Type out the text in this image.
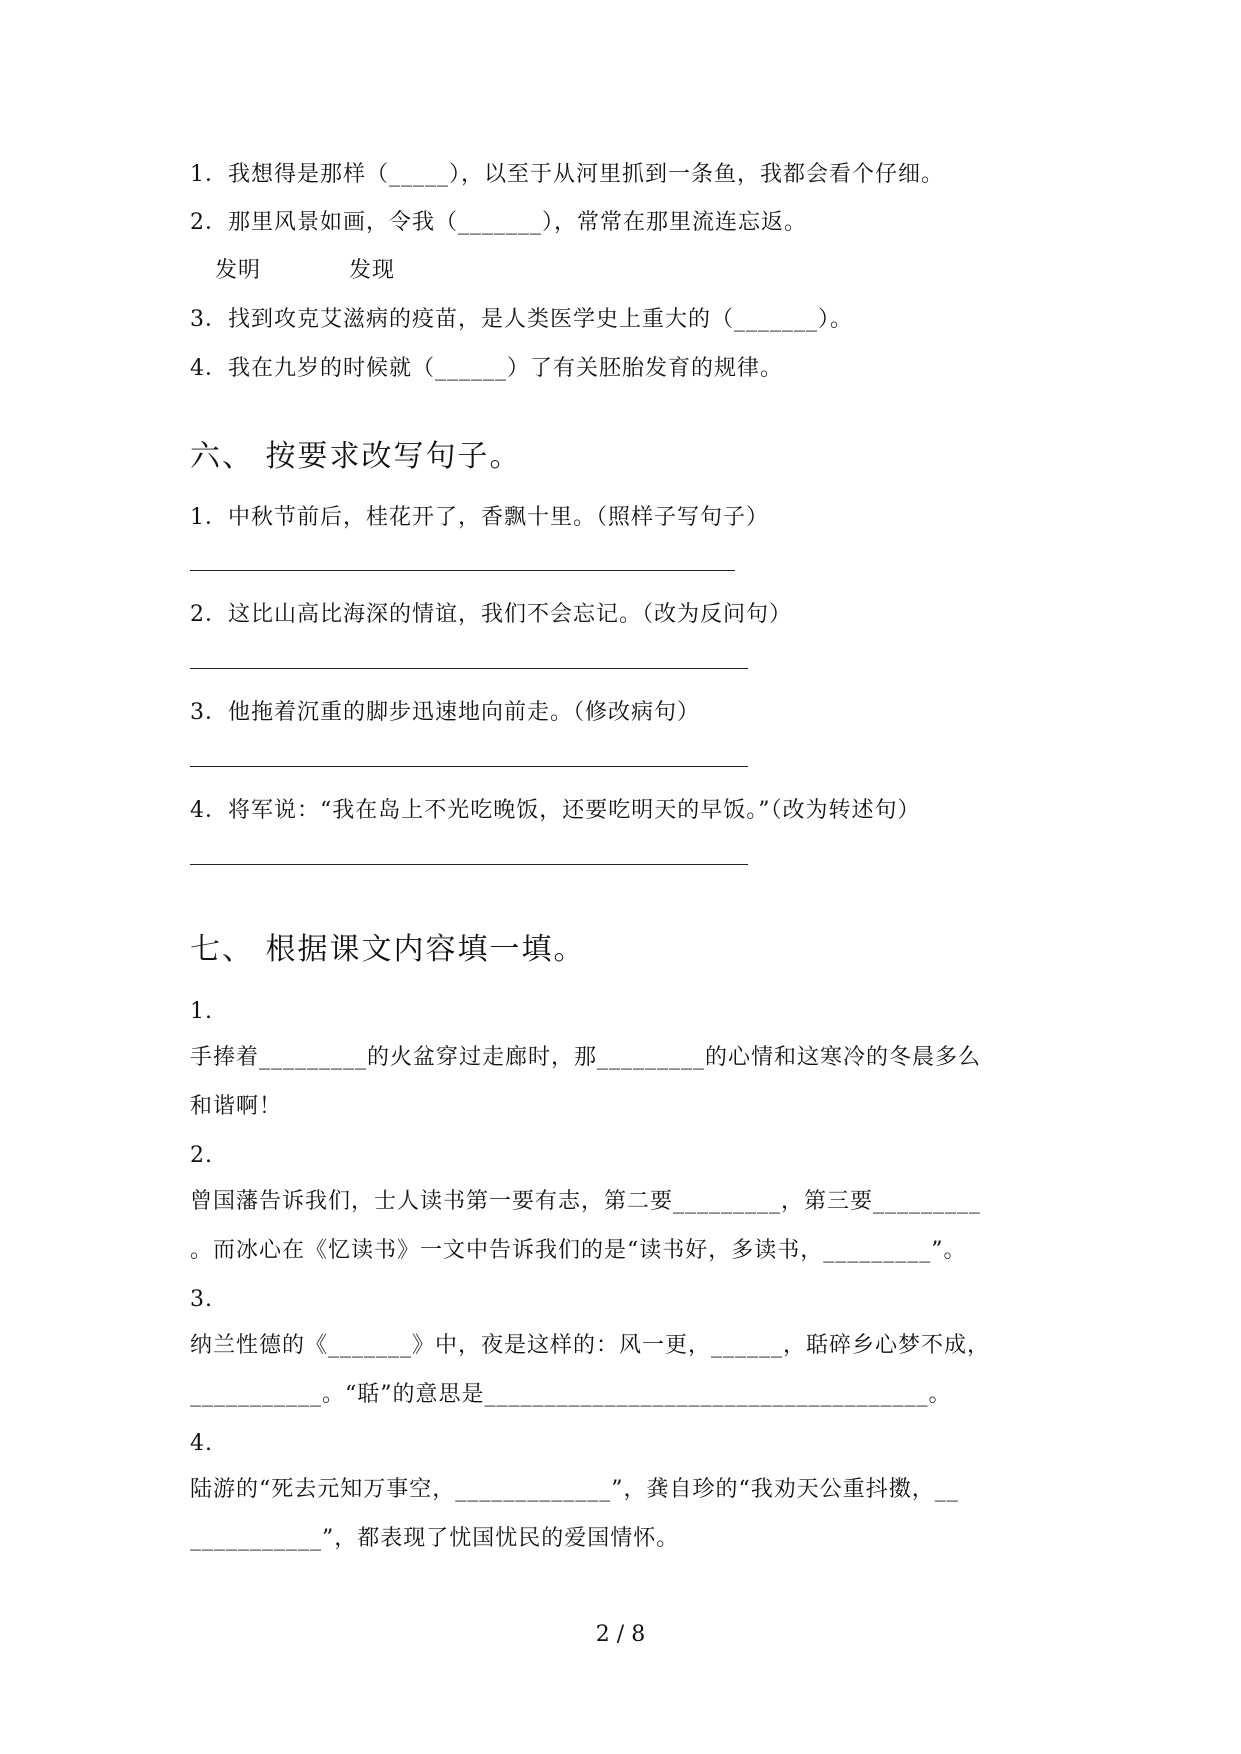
1．我想得是那样（_____），以至于从河里抓到一条鱼，我都会看个仔细。
2．那里风景如画，令我（_______），常常在那里流连忘返。
发明	发现
3．找到攻克艾滋病的疫苗，是人类医学史上重大的（_______）。
4．我在九岁的时候就（______）了有关胚胎发育的规律。
六、 按要求改写句子。
1．中秋节前后，桂花开了，香飘十里。（照样子写句子）
2．这比山高比海深的情谊，我们不会忘记。（改为反问句）
3．他拖着沉重的脚步迅速地向前走。（修改病句）
4．将军说：“我在岛上不光吃晚饭，还要吃明天的早饭。”（改为转述句）
七、 根据课文内容填一填。
1.
手捧着_________的火盆穿过走廊时，那_________的心情和这寒冷的冬晨多么
和谐啊！
2.
曾国藩告诉我们，士人读书第一要有志，第二要_________，第三要_________
。而冰心在《忆读书》一文中告诉我们的是“读书好，多读书，_________”。
3.
纳兰性德的《_______》中，夜是这样的：风一更，______，聒碎乡心梦不成，
___________。“聒”的意思是_____________________________________。
4.
陆游的“死去元知万事空，_____________”，龚自珍的“我劝天公重抖擞，__
___________”，都表现了忧国忧民的爱国情怀。
2 / 8
